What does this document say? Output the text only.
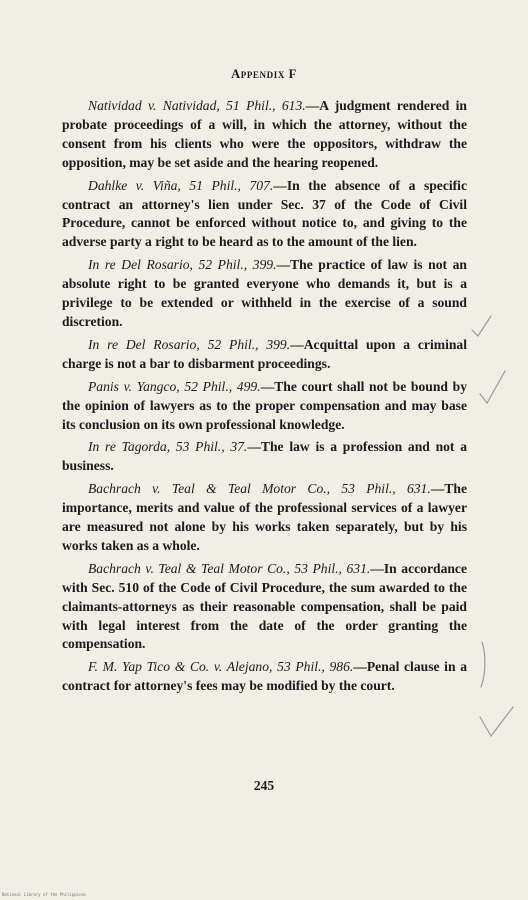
Appendix F

Natividad v. Natividad, 51 Phil., 613.—A judgment rendered in probate proceedings of a will, in which the attorney, without the consent from his clients who were the oppositors, withdraw the opposition, may be set aside and the hearing reopened.

Dahlke v. Viña, 51 Phil., 707.—In the absence of a specific contract an attorney's lien under Sec. 37 of the Code of Civil Procedure, cannot be enforced without notice to, and giving to the adverse party a right to be heard as to the amount of the lien.

In re Del Rosario, 52 Phil., 399.—The practice of law is not an absolute right to be granted everyone who demands it, but is a privilege to be extended or withheld in the exercise of a sound discretion.

In re Del Rosario, 52 Phil., 399.—Acquittal upon a criminal charge is not a bar to disbarment proceedings.

Panis v. Yangco, 52 Phil., 499.—The court shall not be bound by the opinion of lawyers as to the proper compensation and may base its conclusion on its own professional knowledge.

In re Tagorda, 53 Phil., 37.—The law is a profession and not a business.

Bachrach v. Teal & Teal Motor Co., 53 Phil., 631.—The importance, merits and value of the professional services of a lawyer are measured not alone by his works taken separately, but by his works taken as a whole.

Bachrach v. Teal & Teal Motor Co., 53 Phil., 631.—In accordance with Sec. 510 of the Code of Civil Procedure, the sum awarded to the claimants-attorneys as their reasonable compensation, shall be paid with legal interest from the date of the order granting the compensation.

F. M. Yap Tico & Co. v. Alejano, 53 Phil., 986.—Penal clause in a contract for attorney's fees may be modified by the court.

245
National Library of the Philippines
